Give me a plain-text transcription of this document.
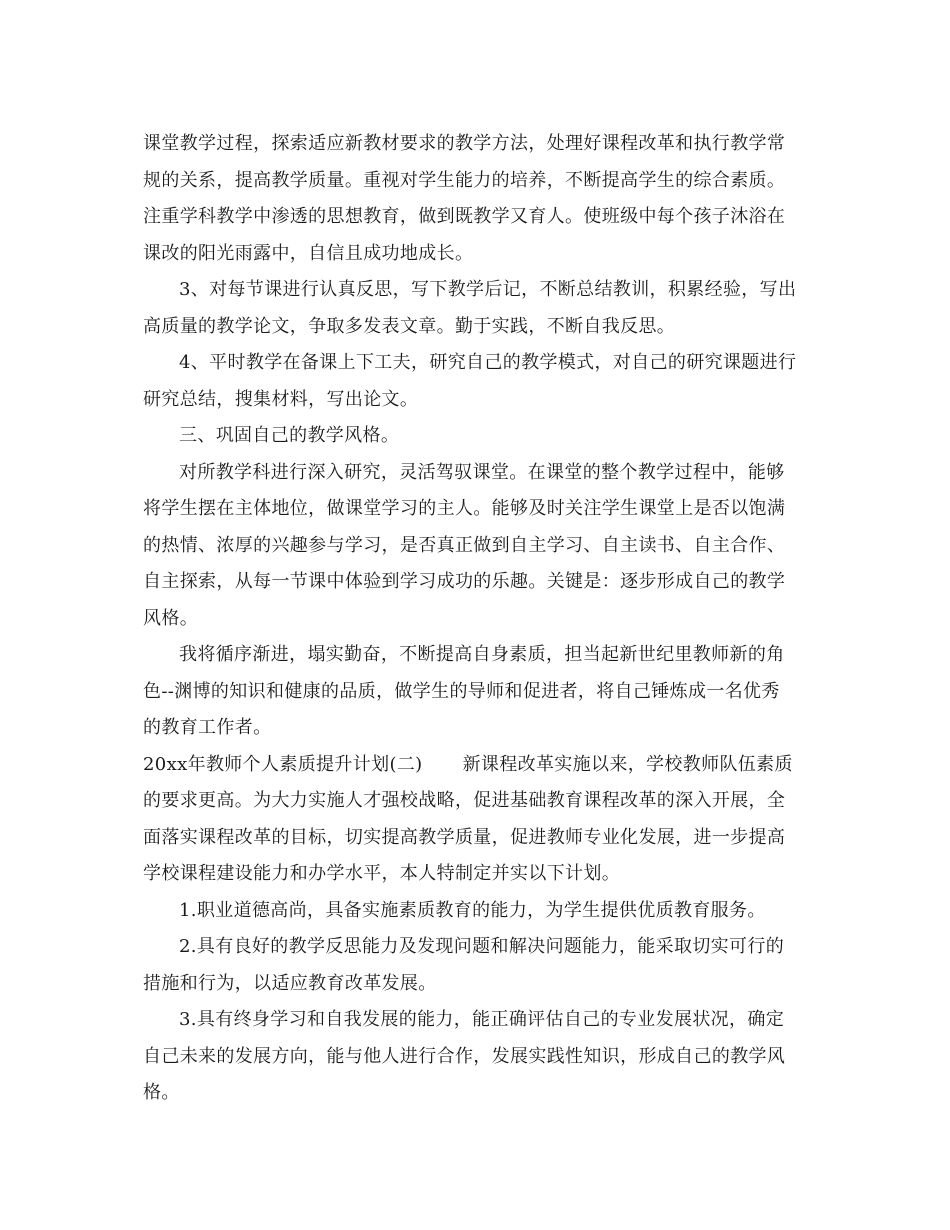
课堂教学过程，探索适应新教材要求的教学方法，处理好课程改革和执行教学常
规的关系，提高教学质量。重视对学生能力的培养，不断提高学生的综合素质。
注重学科教学中渗透的思想教育，做到既教学又育人。使班级中每个孩子沐浴在
课改的阳光雨露中，自信且成功地成长。
3、对每节课进行认真反思，写下教学后记，不断总结教训，积累经验，写出
高质量的教学论文，争取多发表文章。勤于实践，不断自我反思。
4、平时教学在备课上下工夫，研究自己的教学模式，对自己的研究课题进行
研究总结，搜集材料，写出论文。
三、巩固自己的教学风格。
对所教学科进行深入研究，灵活驾驭课堂。在课堂的整个教学过程中，能够
将学生摆在主体地位，做课堂学习的主人。能够及时关注学生课堂上是否以饱满
的热情、浓厚的兴趣参与学习，是否真正做到自主学习、自主读书、自主合作、
自主探索，从每一节课中体验到学习成功的乐趣。关键是：逐步形成自己的教学
风格。
我将循序渐进，塌实勤奋，不断提高自身素质，担当起新世纪里教师新的角
色--渊博的知识和健康的品质，做学生的导师和促进者，将自己锤炼成一名优秀
的教育工作者。
20xx年教师个人素质提升计划(二) 新课程改革实施以来，学校教师队伍素质
的要求更高。为大力实施人才强校战略，促进基础教育课程改革的深入开展，全
面落实课程改革的目标，切实提高教学质量，促进教师专业化发展，进一步提高
学校课程建设能力和办学水平，本人特制定并实以下计划。
1.职业道德高尚，具备实施素质教育的能力，为学生提供优质教育服务。
2.具有良好的教学反思能力及发现问题和解决问题能力，能采取切实可行的
措施和行为，以适应教育改革发展。
3.具有终身学习和自我发展的能力，能正确评估自己的专业发展状况，确定
自己未来的发展方向，能与他人进行合作，发展实践性知识，形成自己的教学风
格。
